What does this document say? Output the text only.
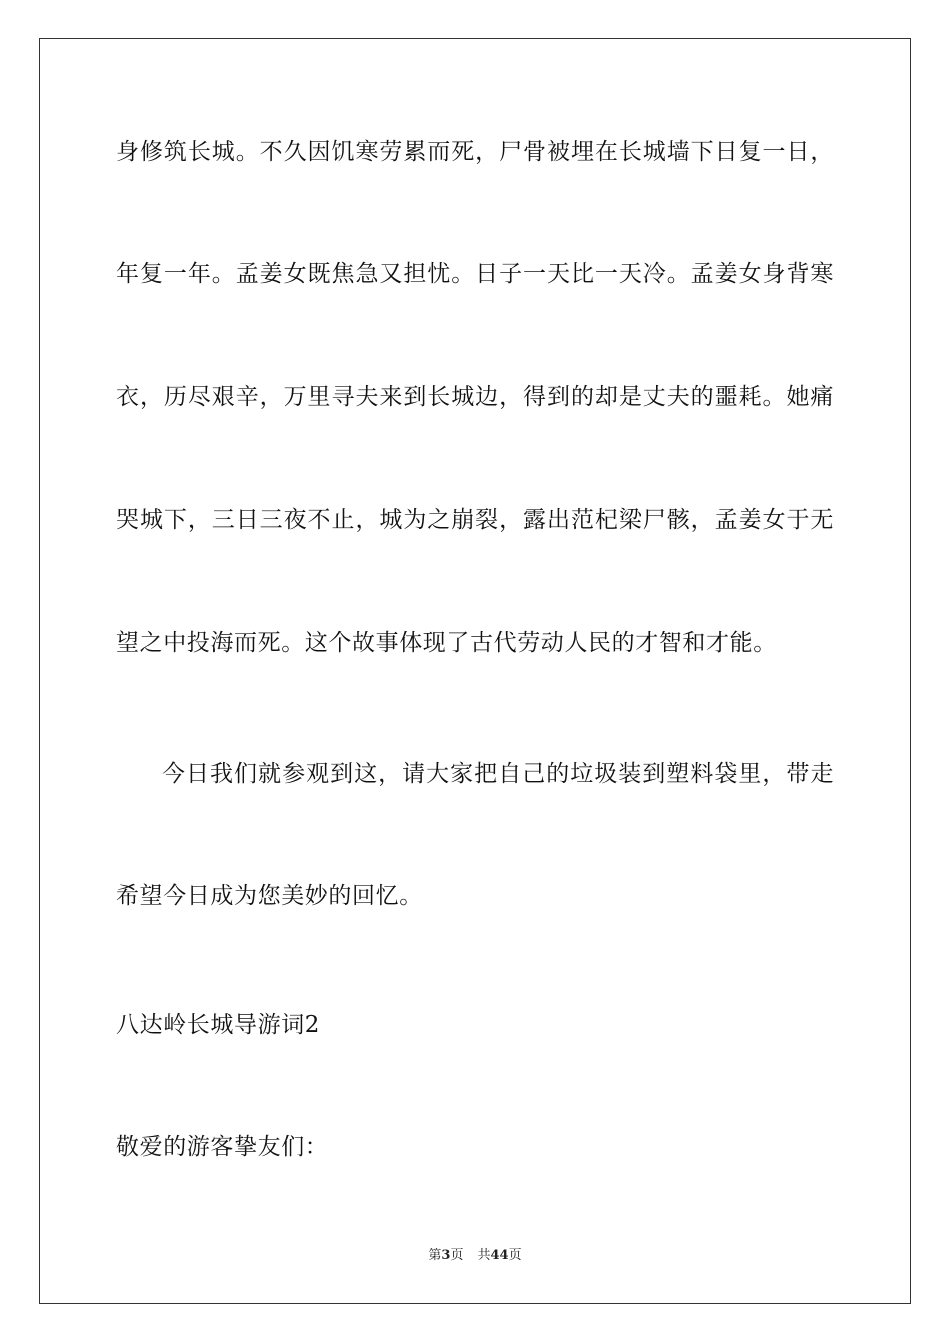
身修筑长城。不久因饥寒劳累而死，尸骨被埋在长城墙下日复一日，
年复一年。孟姜女既焦急又担忧。日子一天比一天冷。孟姜女身背寒
衣，历尽艰辛，万里寻夫来到长城边，得到的却是丈夫的噩耗。她痛
哭城下，三日三夜不止，城为之崩裂，露出范杞梁尸骸，孟姜女于无
望之中投海而死。这个故事体现了古代劳动人民的才智和才能。
今日我们就参观到这，请大家把自己的垃圾装到塑料袋里，带走
希望今日成为您美妙的回忆。
八达岭长城导游词2
敬爱的游客挚友们：
第3页 共44页
